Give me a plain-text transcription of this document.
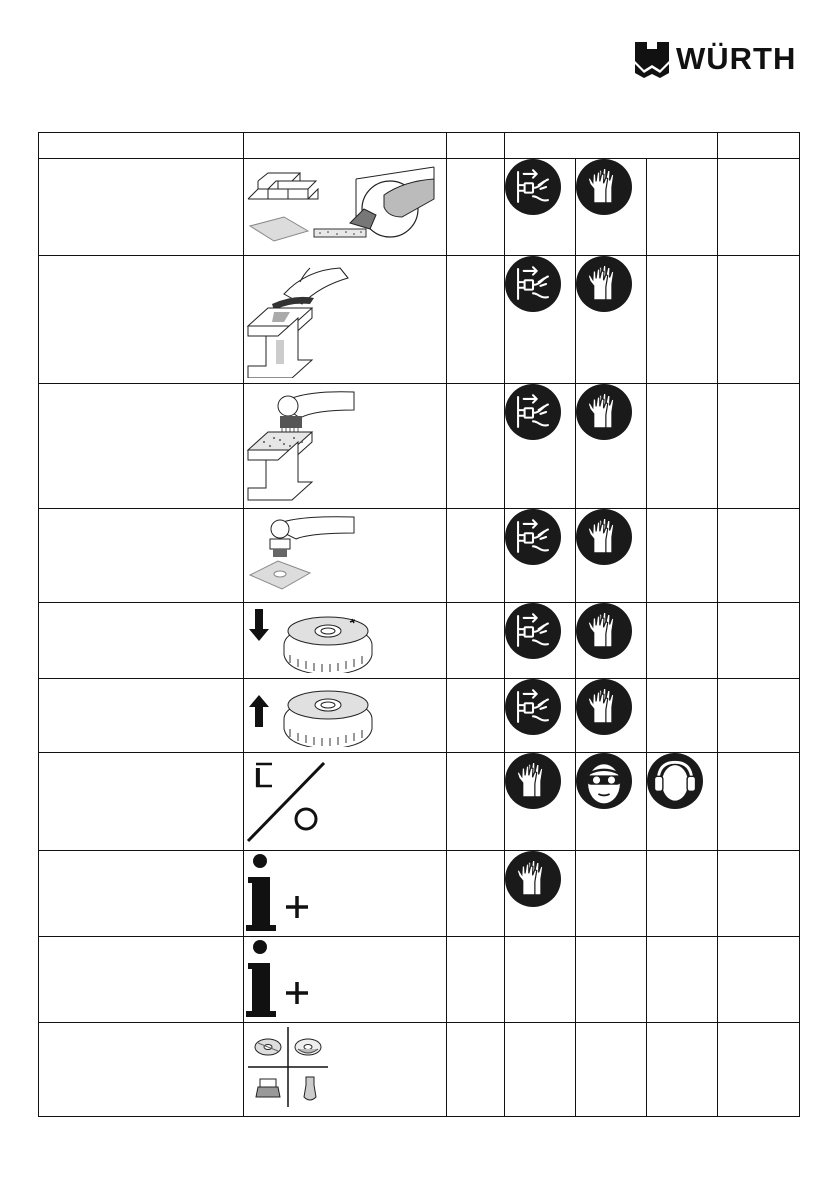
WÜRTH

I
